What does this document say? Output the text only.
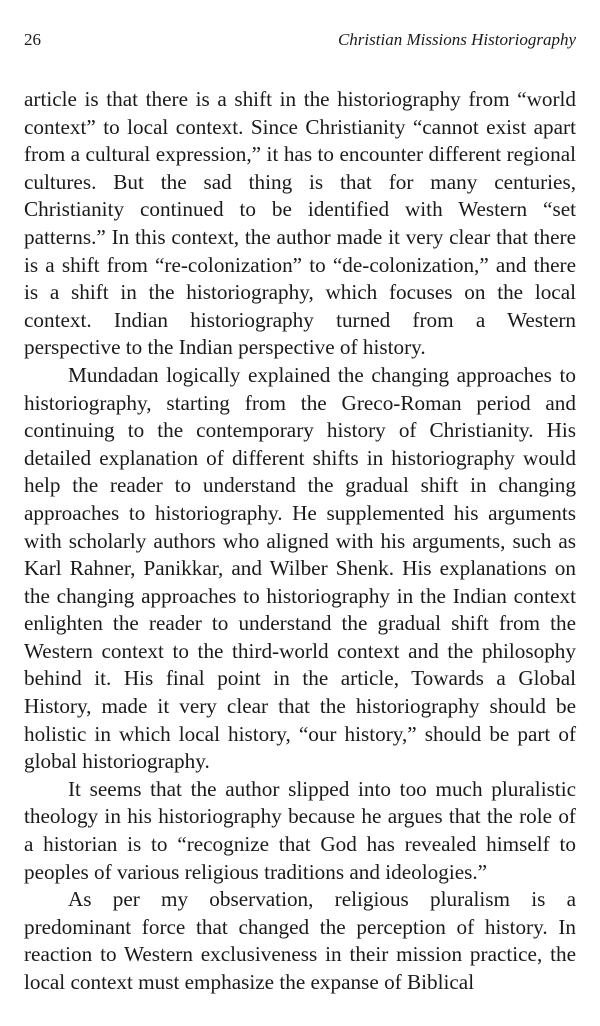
26	Christian Missions Historiography

article is that there is a shift in the historiography from “world context” to local context. Since Christianity “cannot exist apart from a cultural expression,” it has to encounter different regional cultures. But the sad thing is that for many centuries, Christianity continued to be identified with Western “set patterns.” In this context, the author made it very clear that there is a shift from “re-colonization” to “de-colonization,” and there is a shift in the historiography, which focuses on the local context. Indian historiography turned from a Western perspective to the Indian perspective of history.

Mundadan logically explained the changing approaches to historiography, starting from the Greco-Roman period and continuing to the contemporary history of Christianity. His detailed explanation of different shifts in historiography would help the reader to understand the gradual shift in changing approaches to historiography. He supplemented his arguments with scholarly authors who aligned with his arguments, such as Karl Rahner, Panikkar, and Wilber Shenk. His explanations on the changing approaches to historiography in the Indian context enlighten the reader to understand the gradual shift from the Western context to the third-world context and the philosophy behind it. His final point in the article, Towards a Global History, made it very clear that the historiography should be holistic in which local history, “our history,” should be part of global historiography.

It seems that the author slipped into too much pluralistic theology in his historiography because he argues that the role of a historian is to “recognize that God has revealed himself to peoples of various religious traditions and ideologies.”

As per my observation, religious pluralism is a predominant force that changed the perception of history. In reaction to Western exclusiveness in their mission practice, the local context must emphasize the expanse of Biblical
